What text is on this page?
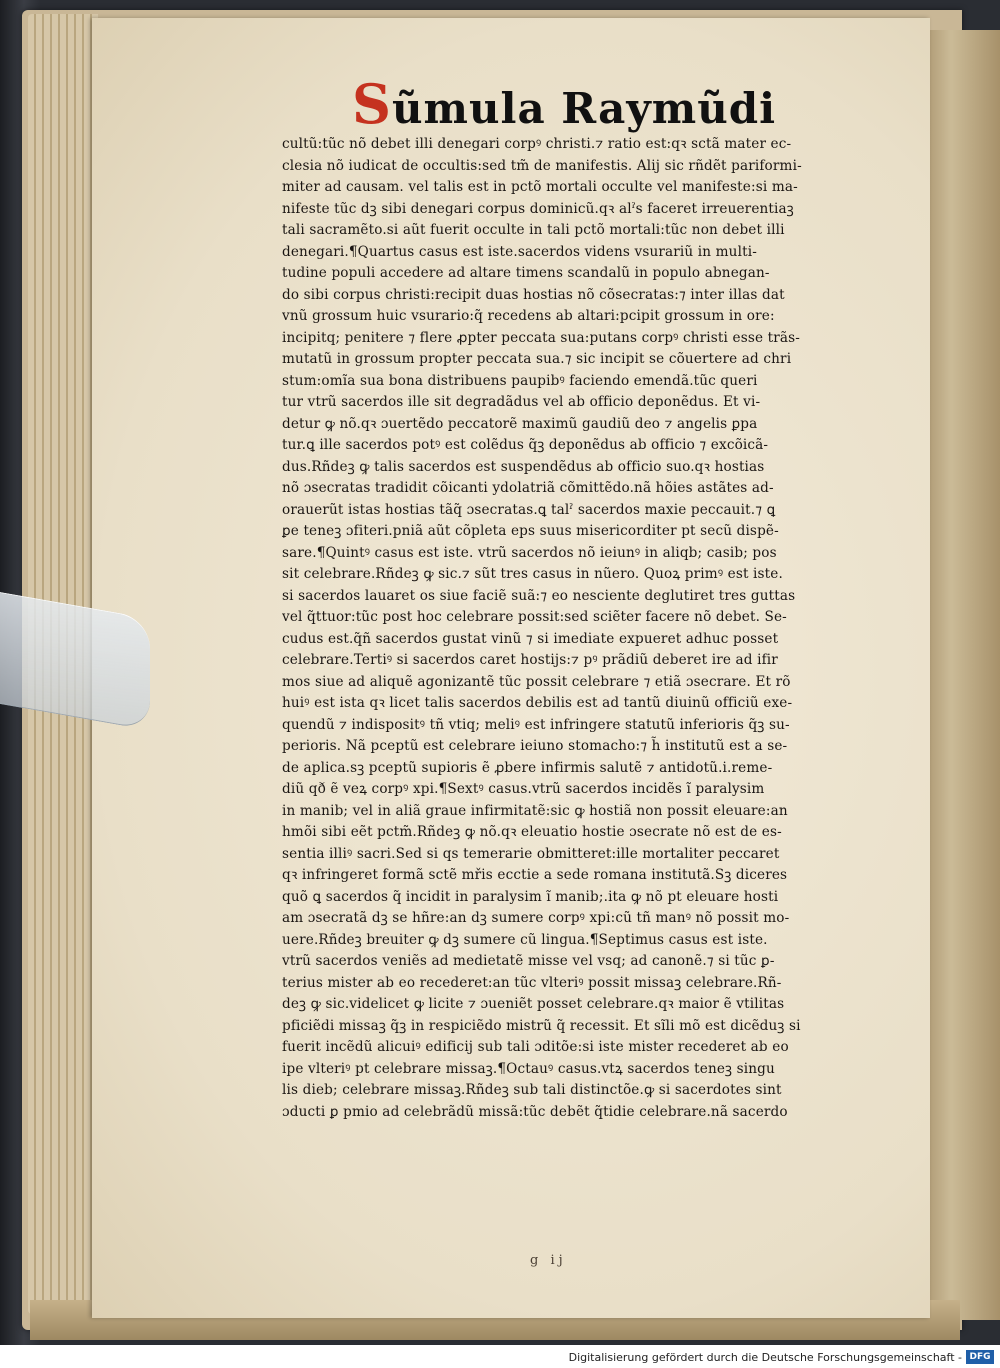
Sũmula Raymũdi
cultũ:tũc nõ debet illi denegari corpꝰ christi.⁊ ratio est:qꝛ sctã mater ec-
clesia nõ iudicat de occultis:sed tm̃ de manifestis. Alij sic rñdẽt pariformi-
miter ad causam. vel talis est in pctõ mortali occulte vel manifeste:si ma-
nifeste tũc dꝫ sibi denegari corpus dominicũ.qꝛ alˀs faceret irreuerentiaꝫ
tali sacramẽto.si aũt fuerit occulte in tali pctõ mortali:tũc non debet illi
denegari.¶Quartus casus est iste.sacerdos videns vsurariũ in multi-
tudine populi accedere ad altare timens scandalũ in populo abnegan-
do sibi corpus christi:recipit duas hostias nõ cõsecratas:⁊ inter illas dat
vnũ grossum huic vsurario:q̃ recedens ab altari:pcipit grossum in ore:
incipitq; penitere ⁊ flere ꝓpter peccata sua:putans corpꝰ christi esse trãs-
mutatũ in grossum propter peccata sua.⁊ sic incipit se cõuertere ad chri
stum:omĩa sua bona distribuens paupibꝰ faciendo emendã.tũc queri
tur vtrũ sacerdos ille sit degradãdus vel ab officio deponẽdus. Et vi-
detur ꝙ nõ.qꝛ ɔuertẽdo peccatorẽ maximũ gaudiũ deo ⁊ angelis ꝑpa
tur.ꝗ ille sacerdos potꝰ est colẽdus q̃ꝫ deponẽdus ab officio ⁊ excõicã-
dus.Rñdeꝫ ꝙ talis sacerdos est suspendẽdus ab officio suo.qꝛ hostias
nõ ɔsecratas tradidit cõicanti ydolatriã cõmittẽdo.nã hõies astãtes ad-
orauerũt istas hostias tãq̃ ɔsecratas.ꝗ talˀ sacerdos maxie peccauit.⁊ ꝗ
ꝑe teneꝫ ɔfiteri.pniã aũt cõpleta eps suus misericorditer pt secũ dispẽ-
sare.¶Quintꝰ casus est iste. vtrũ sacerdos nõ ieiunꝰ in aliqb; casib; pos
sit celebrare.Rñdeꝫ ꝙ sic.⁊ sũt tres casus in nũero. Quoꝝ primꝰ est iste.
si sacerdos lauaret os siue faciẽ suã:⁊ eo nesciente deglutiret tres guttas
vel q̃ttuor:tũc post hoc celebrare possit:sed sciẽter facere nõ debet. Se-
cudus est.q̃ñ sacerdos gustat vinũ ⁊ si imediate expueret adhuc posset
celebrare.Tertiꝰ si sacerdos caret hostijs:⁊ pꝰ prãdiũ deberet ire ad ifir
mos siue ad aliquẽ agonizantẽ tũc possit celebrare ⁊ etiã ɔsecrare. Et rõ
huiꝰ est ista qꝛ licet talis sacerdos debilis est ad tantũ diuinũ officiũ exe-
quendũ ⁊ indispositꝰ tñ vtiq; meliꝰ est infringere statutũ inferioris q̃ꝫ su-
perioris. Nã pceptũ est celebrare ieiuno stomacho:⁊ h̃ institutũ est a se-
de aplica.sꝫ pceptũ supioris ẽ ꝓbere infirmis salutẽ ⁊ antidotũ.i.reme-
diũ qð ẽ veꝝ corpꝰ xpi.¶Sextꝰ casus.vtrũ sacerdos incidẽs ĩ paralysim
in manib; vel in aliã graue infirmitatẽ:sic ꝙ hostiã non possit eleuare:an
hmõi sibi eẽt pctm̃.Rñdeꝫ ꝙ nõ.qꝛ eleuatio hostie ɔsecrate nõ est de es-
sentia illiꝰ sacri.Sed si qs temerarie obmitteret:ille mortaliter peccaret
qꝛ infringeret formã sctẽ mřis ecctie a sede romana institutã.Sꝫ diceres
quõ ꝗ sacerdos q̃ incidit in paralysim ĩ manib;.ita ꝙ nõ pt eleuare hosti
am ɔsecratã dꝫ se hñre:an dꝫ sumere corpꝰ xpi:cũ tñ manꝰ nõ possit mo-
uere.Rñdeꝫ breuiter ꝙ dꝫ sumere cũ lingua.¶Septimus casus est iste.
vtrũ sacerdos veniẽs ad medietatẽ misse vel vsq; ad canonẽ.⁊ si tũc ꝑ-
terius mister ab eo recederet:an tũc vlteriꝰ possit missaꝫ celebrare.Rñ-
deꝫ ꝙ sic.videlicet ꝙ licite ⁊ ɔueniẽt posset celebrare.qꝛ maior ẽ vtilitas
pficiẽdi missaꝫ q̃ꝫ in respiciẽdo mistrũ q̃ recessit. Et sĩli mõ est dicẽduꝫ si
fuerit incẽdũ alicuiꝰ edificij sub tali ɔditõe:si iste mister recederet ab eo
ipe vlteriꝰ pt celebrare missaꝫ.¶Octauꝰ casus.vtꝝ sacerdos teneꝫ singu
lis dieb; celebrare missaꝫ.Rñdeꝫ sub tali distinctõe.ꝙ si sacerdotes sint
ɔducti ꝑ pmio ad celebrãdũ missã:tũc debẽt q̃tidie celebrare.nã sacerdo
g ij
Digitalisierung gefördert durch die Deutsche Forschungsgemeinschaft - DFG
